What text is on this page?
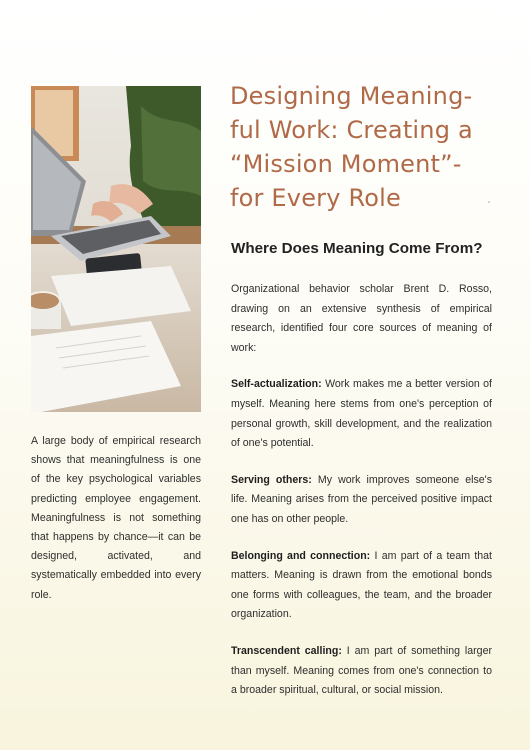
A large body of empirical research shows that meaningfulness is one of the key psychological variables predicting employee engagement. Meaningfulness is not something that happens by chance—it can be designed, activated, and systematically embedded into every role.
Designing Meaning-
ful Work: Creating a
“Mission Moment”-
for Every Role
Where Does Meaning Come From?

Organizational behavior scholar Brent D. Rosso, drawing on an extensive synthesis of empirical research, identified four core sources of meaning of work:

Self-actualization: Work makes me a better version of myself. Meaning here stems from one's perception of personal growth, skill development, and the realization of one's potential.

Serving others: My work improves someone else's life. Meaning arises from the perceived positive impact one has on other people.

Belonging and connection: I am part of a team that matters. Meaning is drawn from the emotional bonds one forms with colleagues, the team, and the broader organization.

Transcendent calling: I am part of something larger than myself. Meaning comes from one's connection to a broader spiritual, cultural, or social mission.
